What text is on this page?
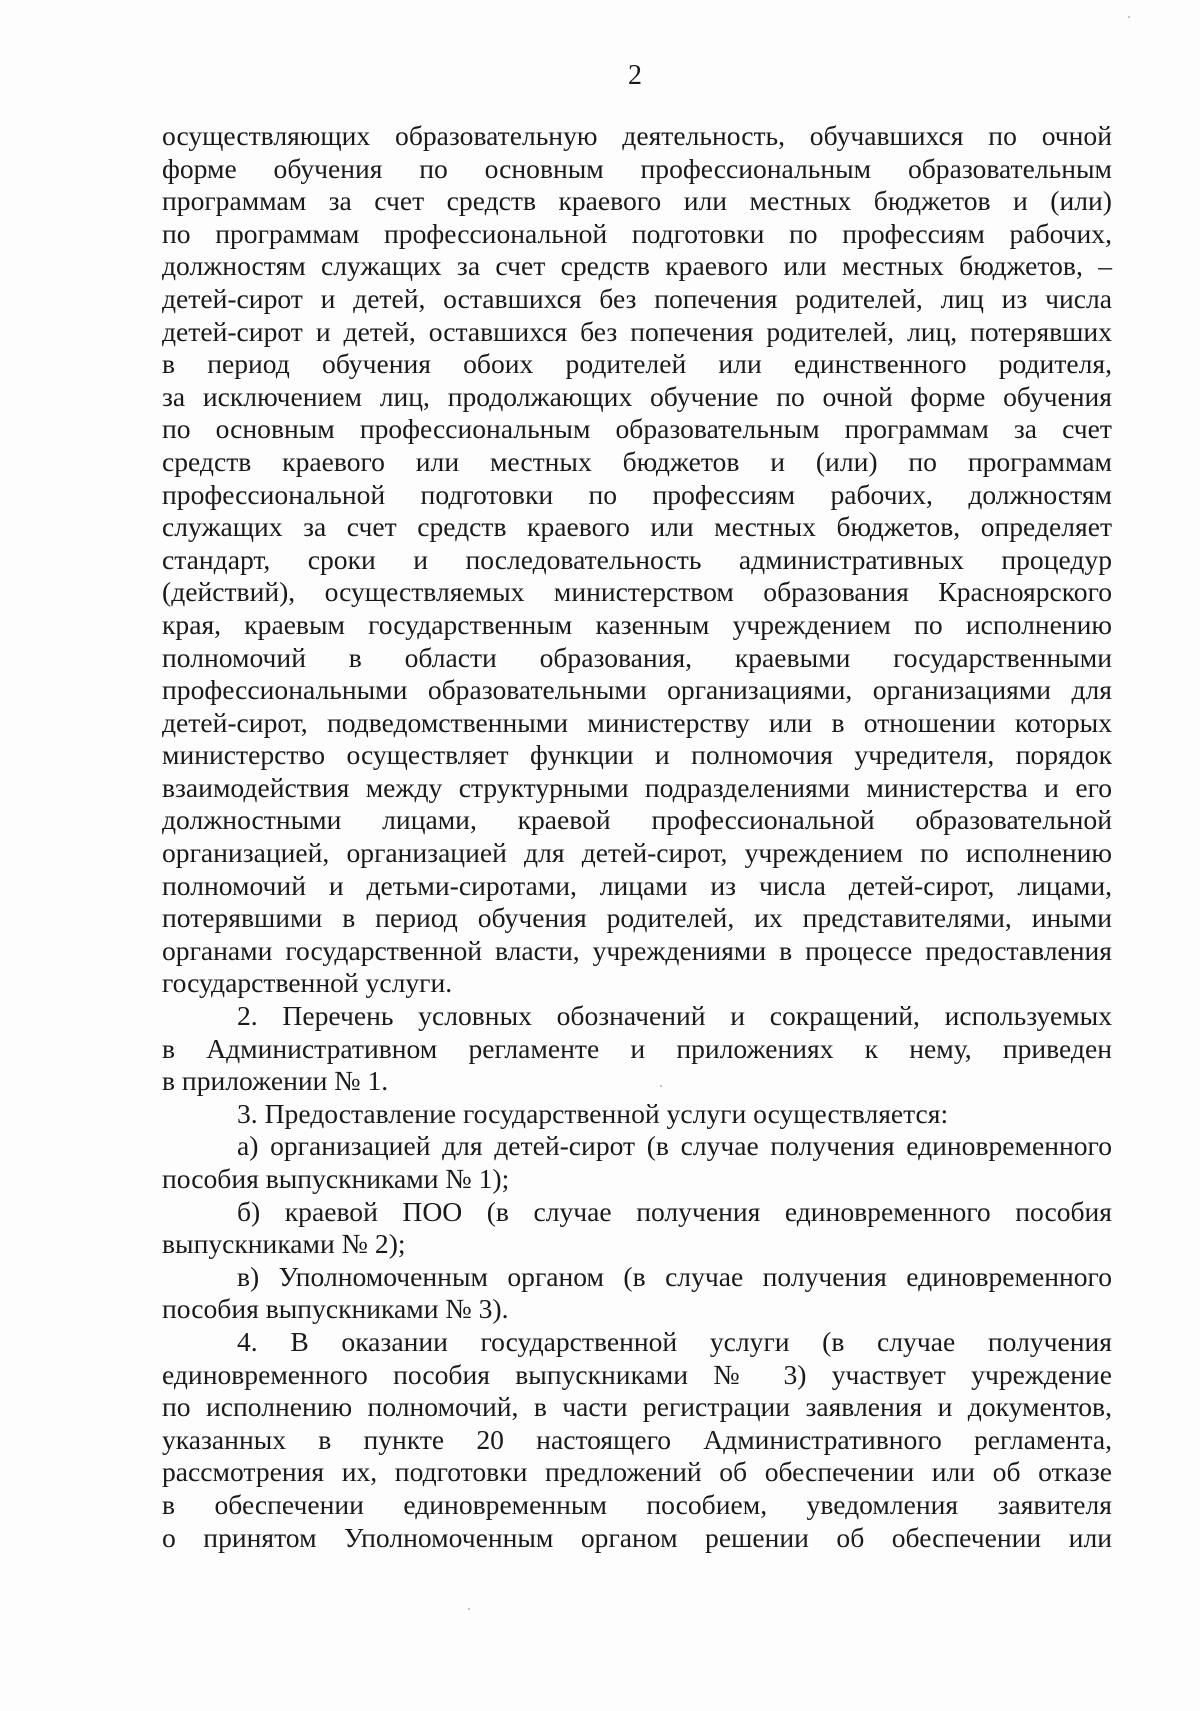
2
осуществляющих образовательную деятельность, обучавшихся по очной
форме обучения по основным профессиональным образовательным
программам за счет средств краевого или местных бюджетов и (или)
по программам профессиональной подготовки по профессиям рабочих,
должностям служащих за счет средств краевого или местных бюджетов, –
детей-сирот и детей, оставшихся без попечения родителей, лиц из числа
детей-сирот и детей, оставшихся без попечения родителей, лиц, потерявших
в период обучения обоих родителей или единственного родителя,
за исключением лиц, продолжающих обучение по очной форме обучения
по основным профессиональным образовательным программам за счет
средств краевого или местных бюджетов и (или) по программам
профессиональной подготовки по профессиям рабочих, должностям
служащих за счет средств краевого или местных бюджетов, определяет
стандарт, сроки и последовательность административных процедур
(действий), осуществляемых министерством образования Красноярского
края, краевым государственным казенным учреждением по исполнению
полномочий в области образования, краевыми государственными
профессиональными образовательными организациями, организациями для
детей-сирот, подведомственными министерству или в отношении которых
министерство осуществляет функции и полномочия учредителя, порядок
взаимодействия между структурными подразделениями министерства и его
должностными лицами, краевой профессиональной образовательной
организацией, организацией для детей-сирот, учреждением по исполнению
полномочий и детьми-сиротами, лицами из числа детей-сирот, лицами,
потерявшими в период обучения родителей, их представителями, иными
органами государственной власти, учреждениями в процессе предоставления
государственной услуги.
2. Перечень условных обозначений и сокращений, используемых
в Административном регламенте и приложениях к нему, приведен
в приложении № 1.
3. Предоставление государственной услуги осуществляется:
а) организацией для детей-сирот (в случае получения единовременного
пособия выпускниками № 1);
б) краевой ПОО (в случае получения единовременного пособия
выпускниками № 2);
в) Уполномоченным органом (в случае получения единовременного
пособия выпускниками № 3).
4. В оказании государственной услуги (в случае получения
единовременного пособия выпускниками № 3) участвует учреждение
по исполнению полномочий, в части регистрации заявления и документов,
указанных в пункте 20 настоящего Административного регламента,
рассмотрения их, подготовки предложений об обеспечении или об отказе
в обеспечении единовременным пособием, уведомления заявителя
о принятом Уполномоченным органом решении об обеспечении или
